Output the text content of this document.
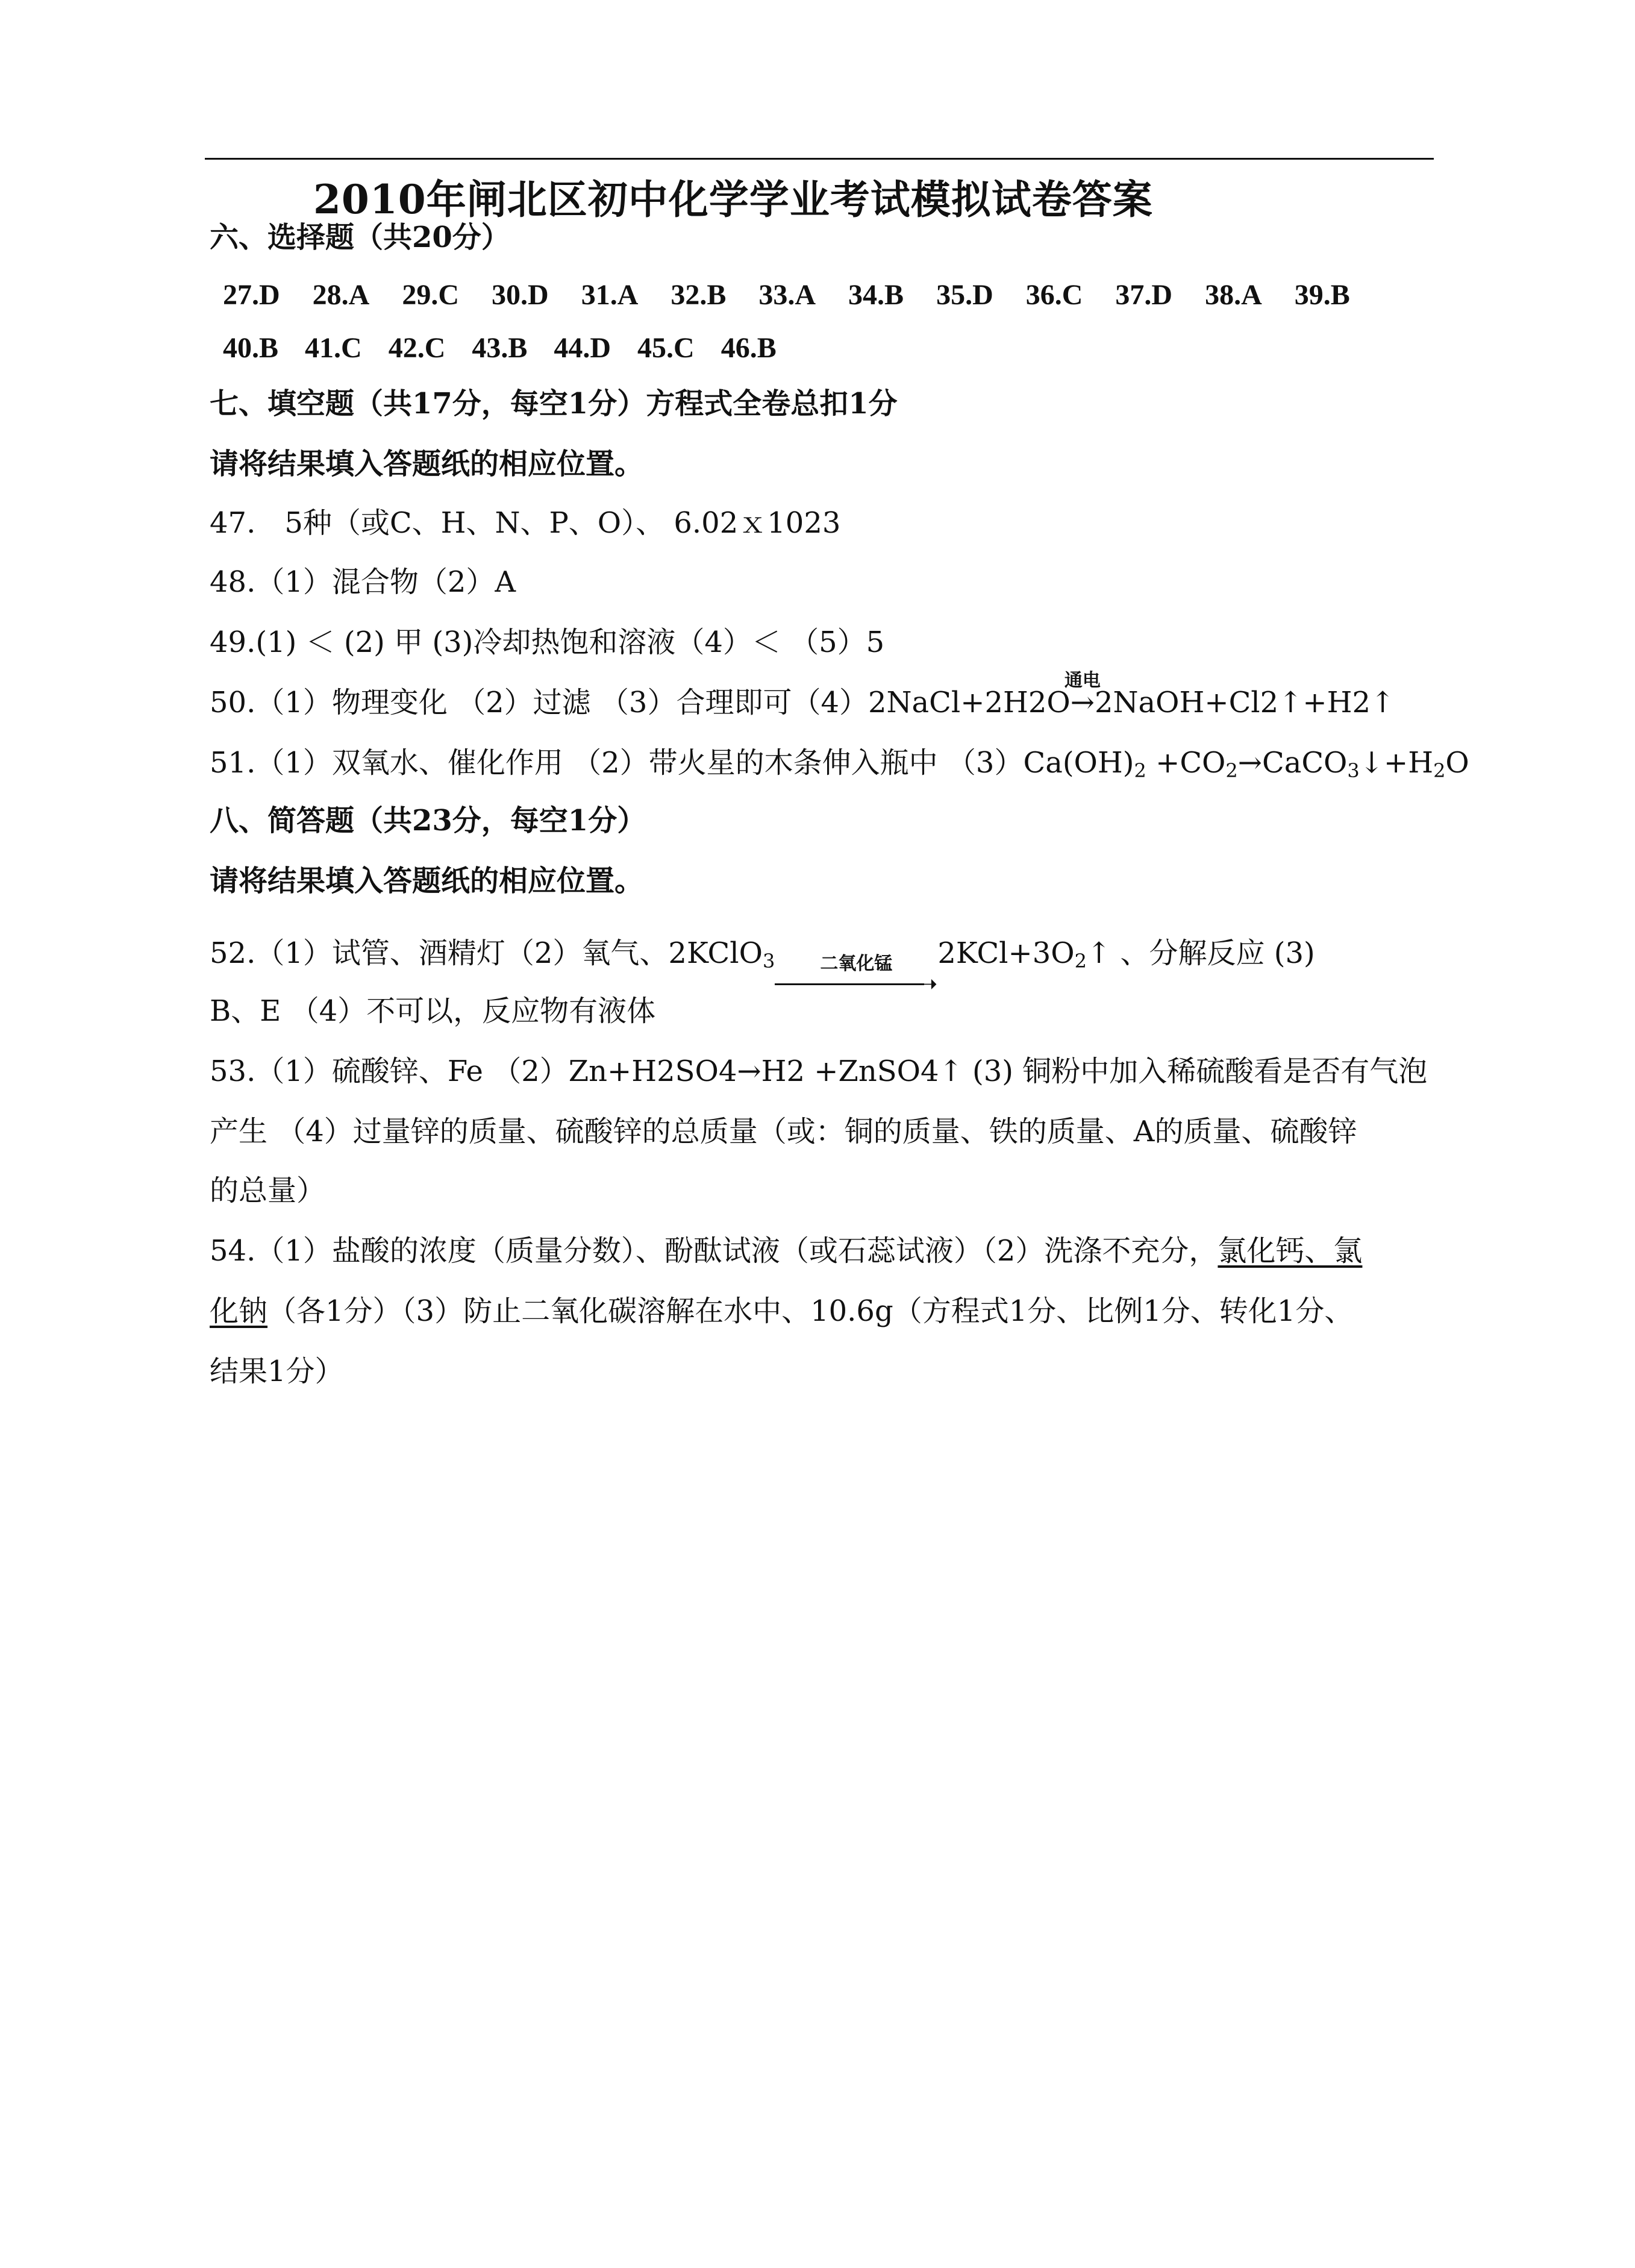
2010年闸北区初中化学学业考试模拟试卷答案
六、选择题（共20分）
27.D 28.A 29.C 30.D 31.A 32.B 33.A 34.B 35.D 36.C 37.D 38.A 39.B
40.B 41.C 42.C 43.B 44.D 45.C 46.B
七、填空题（共17分，每空1分）方程式全卷总扣1分
请将结果填入答题纸的相应位置。
47.　5种（或C、H、N、P、O）、 6.02ｘ1023
48.（1）混合物（2）A
49.(1) ＜ (2) 甲 (3)冷却热饱和溶液（4）＜ （5）5
50.（1）物理变化 （2）过滤 （3）合理即可（4）2NaCl+2H2O
通电
→2NaOH+Cl2↑+H2↑
51.（1）双氧水、催化作用 （2）带火星的木条伸入瓶中 $(3)Ca(OH)_2$ $+CO_2\to CaCO_3↓+H_2O$
八、简答题（共23分，每空1分）
请将结果填入答题纸的相应位置。
52.（1）试管、酒精灯（2）氧气、2KClO$_3$	二氧化锰
➝
$2KCl+3O_2↑$ 、分解反应 (3)
B、E （4）不可以，反应物有液体
53.（1）硫酸锌、Fe （2）Zn+H2SO4→H2 +ZnSO4↑ (3) 铜粉中加入稀硫酸看是否有气泡
产生 （4）过量锌的质量、硫酸锌的总质量（或：铜的质量、铁的质量、A的质量、硫酸锌
的总量）
54.（1）盐酸的浓度（质量分数）、酚酞试液（或石蕊试液）（2）洗涤不充分，氯化钙、氯
化钠（各1分）（3）防止二氧化碳溶解在水中、10.6g（方程式1分、比例1分、转化1分、
结果1分）
